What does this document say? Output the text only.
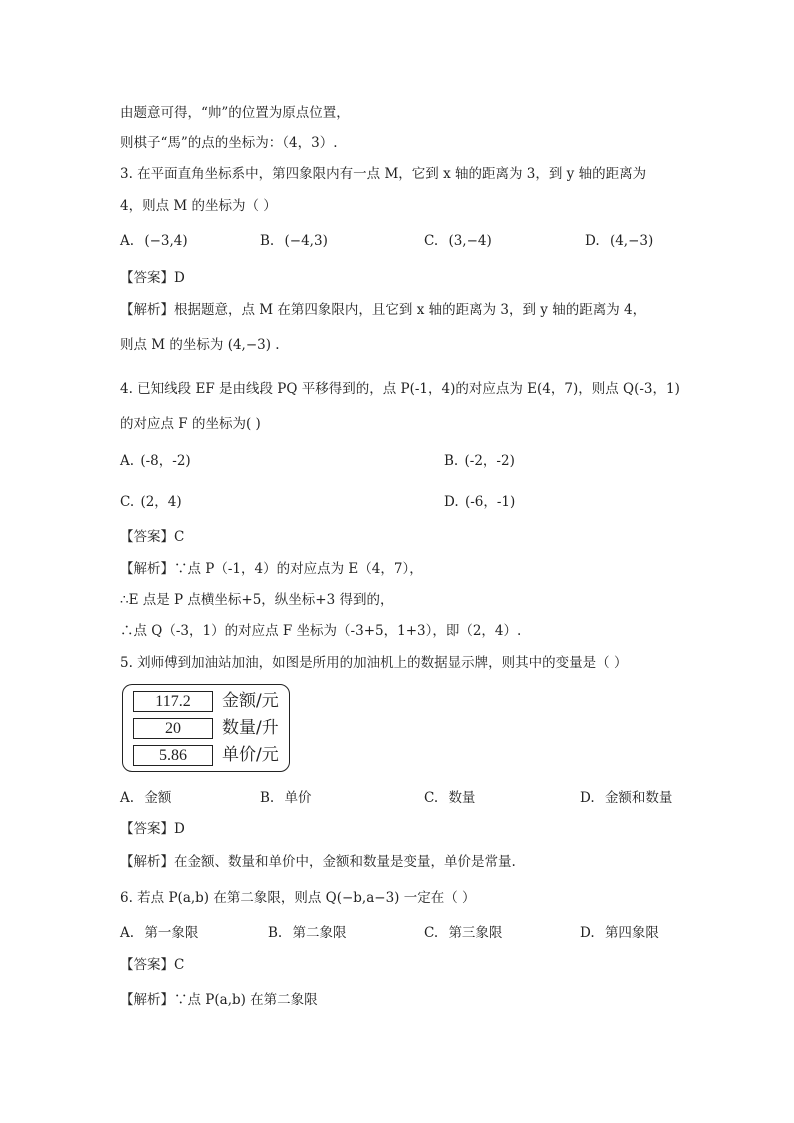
由题意可得，“帅”的位置为原点位置，
则棋子“馬”的点的坐标为：（4，3）.
3. 在平面直角坐标系中，第四象限内有一点 M，它到 x 轴的距离为 3，到 y 轴的距离为
4，则点 M 的坐标为（ ）
A. (−3,4)	B. (−4,3)	C. (3,−4)	D. (4,−3)
【答案】D
【解析】根据题意，点 M 在第四象限内，且它到 x 轴的距离为 3，到 y 轴的距离为 4，
则点 M 的坐标为 (4,−3) .
4. 已知线段 EF 是由线段 PQ 平移得到的，点 P(-1，4)的对应点为 E(4，7)，则点 Q(-3，1)
的对应点 F 的坐标为( )
A. (-8，-2)	B. (-2，-2)
C. (2，4)	D. (-6，-1)
【答案】C
【解析】∵点 P（-1，4）的对应点为 E（4，7），
∴E 点是 P 点横坐标+5，纵坐标+3 得到的，
∴点 Q（-3，1）的对应点 F 坐标为（-3+5，1+3），即（2，4）.
5. 刘师傅到加油站加油，如图是所用的加油机上的数据显示牌，则其中的变量是（ ）
117.2	金额/元
20	数量/升
5.86	单价/元
A. 金额	B. 单价	C. 数量	D. 金额和数量
【答案】D
【解析】在金额、数量和单价中，金额和数量是变量，单价是常量.
6. 若点 P(a,b) 在第二象限，则点 Q(−b,a−3) 一定在（ ）
A. 第一象限	B. 第二象限	C. 第三象限	D. 第四象限
【答案】C
【解析】∵点 P(a,b) 在第二象限
